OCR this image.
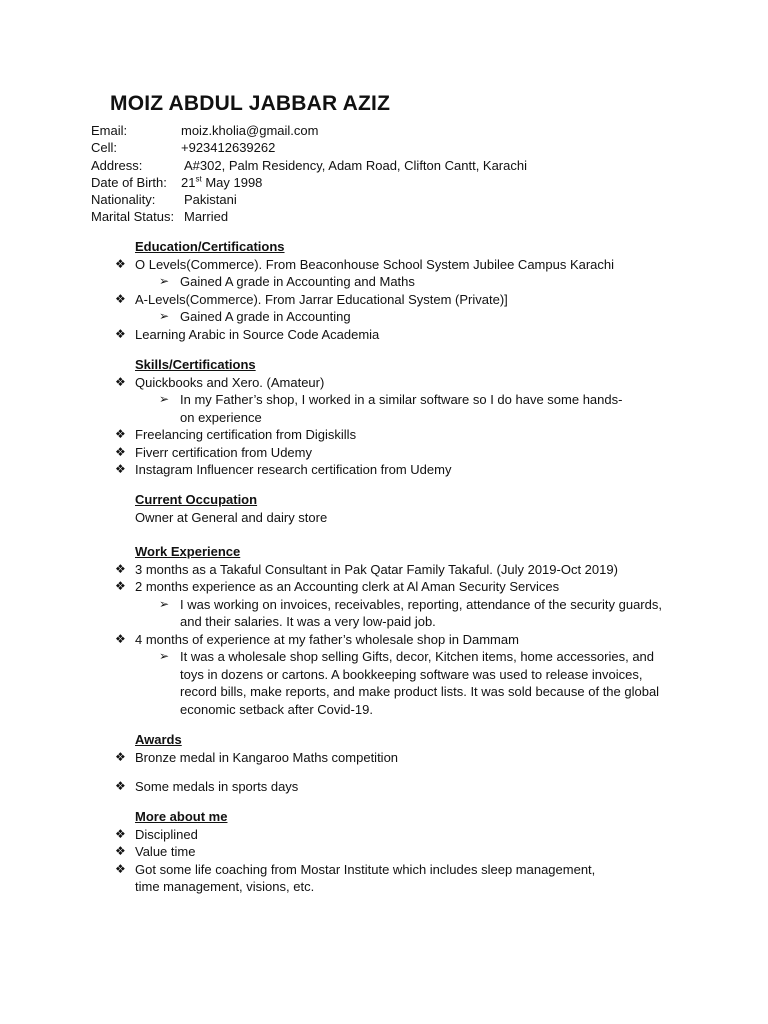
MOIZ ABDUL JABBAR AZIZ
Email:	moiz.kholia@gmail.com
Cell:	+923412639262
Address:	A#302, Palm Residency, Adam Road, Clifton Cantt, Karachi
Date of Birth:	21st May 1998
Nationality:	Pakistani
Marital Status: Married
Education/Certifications
❖ O Levels(Commerce). From Beaconhouse School System Jubilee Campus Karachi
➢ Gained A grade in Accounting and Maths
❖ A-Levels(Commerce). From Jarrar Educational System (Private)]
➢ Gained A grade in Accounting
❖ Learning Arabic in Source Code Academia
Skills/Certifications
❖ Quickbooks and Xero. (Amateur)
➢ In my Father’s shop, I worked in a similar software so I do have some hands-on experience
❖ Freelancing certification from Digiskills
❖ Fiverr certification from Udemy
❖ Instagram Influencer research certification from Udemy
Current Occupation
Owner at General and dairy store
Work Experience
❖ 3 months as a Takaful Consultant in Pak Qatar Family Takaful. (July 2019-Oct 2019)
❖ 2 months experience as an Accounting clerk at Al Aman Security Services
➢ I was working on invoices, receivables, reporting, attendance of the security guards, and their salaries. It was a very low-paid job.
❖ 4 months of experience at my father’s wholesale shop in Dammam
➢ It was a wholesale shop selling Gifts, decor, Kitchen items, home accessories, and toys in dozens or cartons. A bookkeeping software was used to release invoices, record bills, make reports, and make product lists. It was sold because of the global economic setback after Covid-19.
Awards
❖ Bronze medal in Kangaroo Maths competition
❖ Some medals in sports days
More about me
❖ Disciplined
❖ Value time
❖ Got some life coaching from Mostar Institute which includes sleep management, time management, visions, etc.
